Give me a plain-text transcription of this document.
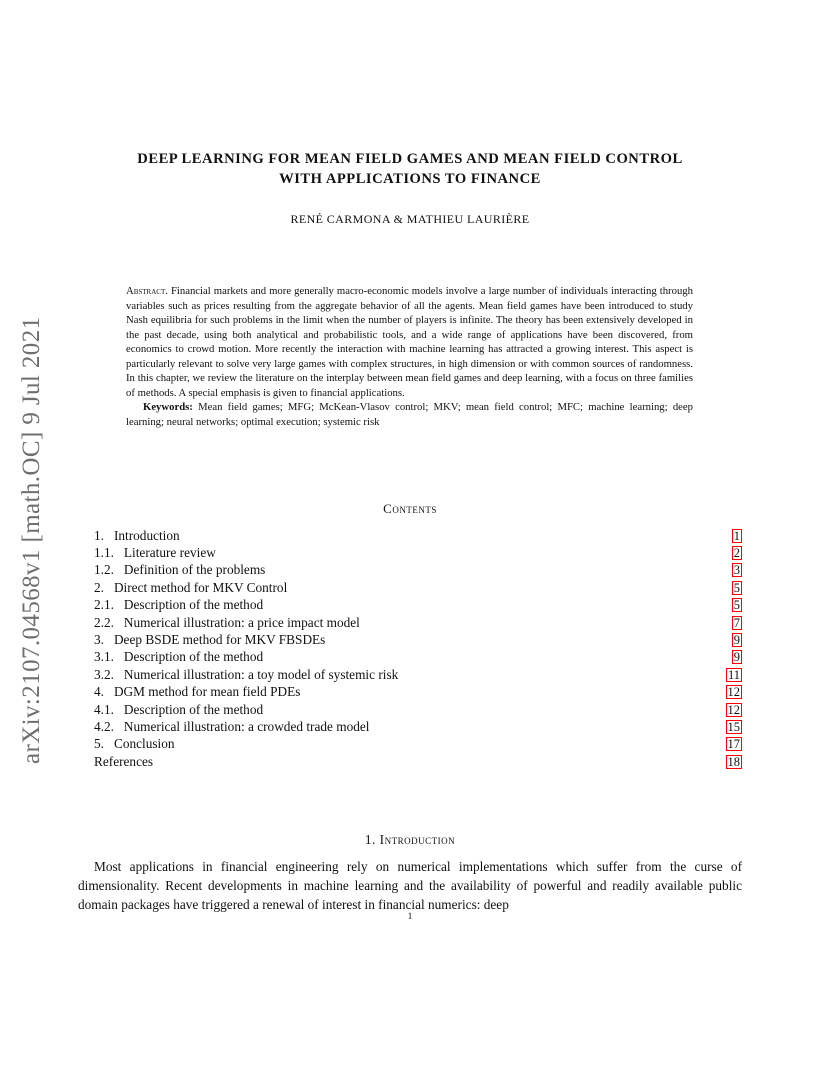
arXiv:2107.04568v1 [math.OC] 9 Jul 2021
DEEP LEARNING FOR MEAN FIELD GAMES AND MEAN FIELD CONTROL
WITH APPLICATIONS TO FINANCE
RENÉ CARMONA & MATHIEU LAURIÈRE

Abstract. Financial markets and more generally macro-economic models involve a large number of individuals interacting through variables such as prices resulting from the aggregate behavior of all the agents. Mean field games have been introduced to study Nash equilibria for such problems in the limit when the number of players is infinite. The theory has been extensively developed in the past decade, using both analytical and probabilistic tools, and a wide range of applications have been discovered, from economics to crowd motion. More recently the interaction with machine learning has attracted a growing interest. This aspect is particularly relevant to solve very large games with complex structures, in high dimension or with common sources of randomness. In this chapter, we review the literature on the interplay between mean field games and deep learning, with a focus on three families of methods. A special emphasis is given to financial applications.

Keywords: Mean field games; MFG; McKean-Vlasov control; MKV; mean field control; MFC; machine learning; deep learning; neural networks; optimal execution; systemic risk

Contents
1.   Introduction	1
1.1.   Literature review	2
1.2.   Definition of the problems	3
2.   Direct method for MKV Control	5
2.1.   Description of the method	5
2.2.   Numerical illustration: a price impact model	7
3.   Deep BSDE method for MKV FBSDEs	9
3.1.   Description of the method	9
3.2.   Numerical illustration: a toy model of systemic risk	11
4.   DGM method for mean field PDEs	12
4.1.   Description of the method	12
4.2.   Numerical illustration: a crowded trade model	15
5.   Conclusion	17
References	18
1. Introduction

Most applications in financial engineering rely on numerical implementations which suffer from the curse of dimensionality. Recent developments in machine learning and the availability of powerful and readily available public domain packages have triggered a renewal of interest in financial numerics: deep

1
